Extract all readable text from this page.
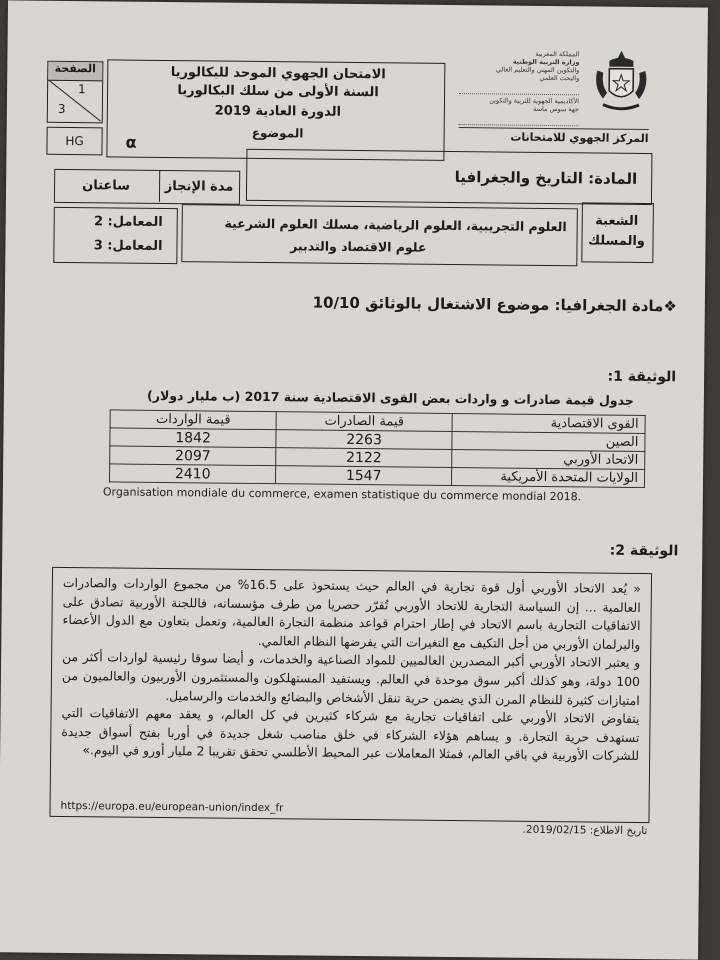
الصفحة
1
3
HG	α
الامتحان الجهوي الموحد للبكالوريا
السنة الأولى من سلك البكالوريا
الدورة العادية 2019
الموضوع
المملكة المغربية
وزارة التربية الوطنية
والتكوين المهني والتعليم العالي
والبحث العلمي
الأكاديمية الجهوية للتربية والتكوين
جهة سوس ماسة
المركز الجهوي للامتحانات
ساعتان	مدة الإنجاز	المادة: التاريخ والجغرافيا
المعامل: 2
المعامل: 3
العلوم التجريبية، العلوم الرياضية، مسلك العلوم الشرعية
علوم الاقتصاد والتدبير
الشعبة والمسلك
❖مادة الجغرافيا: موضوع الاشتغال بالوثائق 10/10
الوثيقة 1:
جدول قيمة صادرات و واردات بعض القوى الاقتصادية سنة 2017 (ب مليار دولار)
القوى الاقتصادية	قيمة الصادرات	قيمة الواردات
الصين	2263	1842
الاتحاد الأوربي	2122	2097
الولايات المتحدة الأمريكية	1547	2410
Organisation mondiale du commerce, examen statistique du commerce mondial 2018.
الوثيقة 2:
« يُعد الاتحاد الأوربي أول قوة تجارية في العالم حيث يستحوذ على 16.5% من مجموع الواردات والصادرات العالمية ... إن السياسة التجارية للاتحاد الأوربي تُقرّر حصريا من طرف مؤسساته، فاللجنة الأوربية تصادق على الاتفاقيات التجارية باسم الاتحاد في إطار احترام قواعد منظمة التجارة العالمية، وتعمل بتعاون مع الدول الأعضاء والبرلمان الأوربي من أجل التكيف مع التغيرات التي يفرضها النظام العالمي.
و يعتبر الاتحاد الأوربي أكبر المصدرين العالميين للمواد الصناعية والخدمات، و أيضا سوقا رئيسية لواردات أكثر من 100 دولة، وهو كذلك أكبر سوق موحدة في العالم. ويستفيد المستهلكون والمستثمرون الأوربيون والعالميون من امتيازات كثيرة للنظام المرن الذي يضمن حرية تنقل الأشخاص والبضائع والخدمات والرساميل.
يتفاوض الاتحاد الأوربي على اتفاقيات تجارية مع شركاء كثيرين في كل العالم، و يعقد معهم الاتفاقيات التي تستهدف حرية التجارة. و يساهم هؤلاء الشركاء في خلق مناصب شغل جديدة في أوربا بفتح أسواق جديدة للشركات الأوربية في باقي العالم، فمثلا المعاملات عبر المحيط الأطلسي تحقق تقريبا 2 مليار أورو في اليوم.»
https://europa.eu/european-union/index_fr
تاريخ الاطلاع: 2019/02/15.
